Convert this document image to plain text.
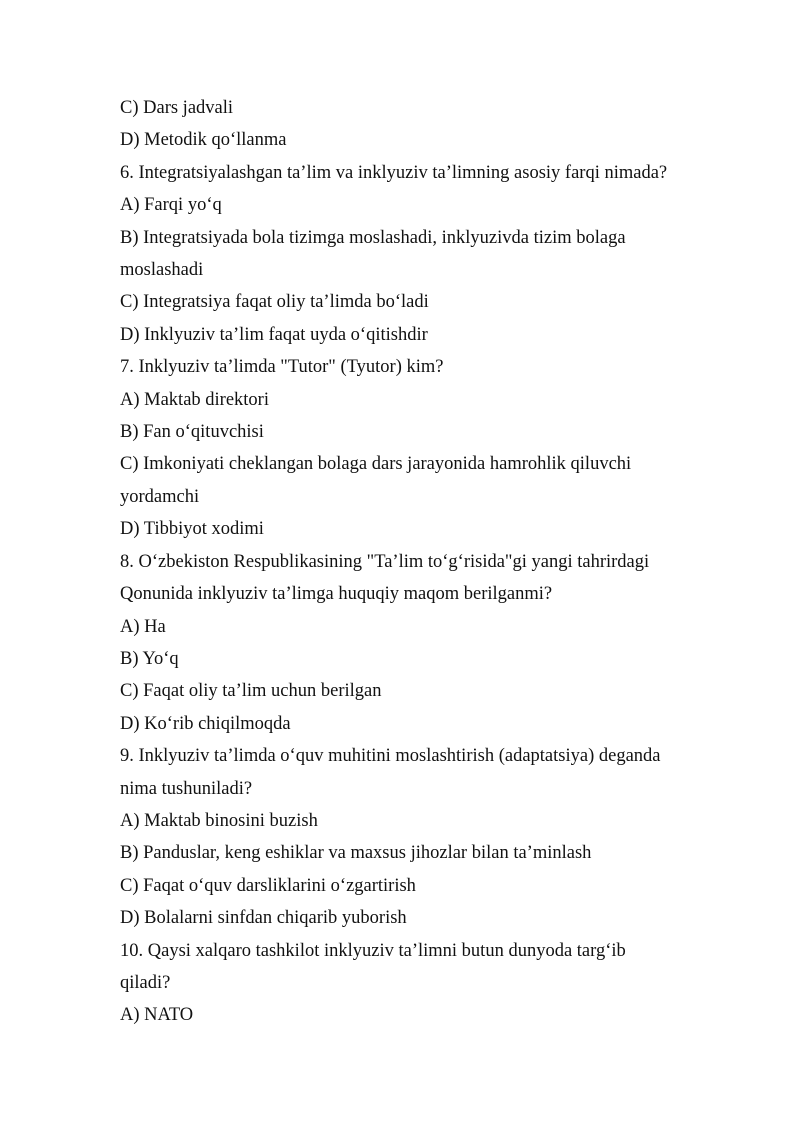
C) Dars jadvali
D) Metodik qo‘llanma
6. Integratsiyalashgan ta’lim va inklyuziv ta’limning asosiy farqi nimada?
A) Farqi yo‘q
B) Integratsiyada bola tizimga moslashadi, inklyuzivda tizim bolaga
moslashadi
C) Integratsiya faqat oliy ta’limda bo‘ladi
D) Inklyuziv ta’lim faqat uyda o‘qitishdir
7. Inklyuziv ta’limda "Tutor" (Tyutor) kim?
A) Maktab direktori
B) Fan o‘qituvchisi
C) Imkoniyati cheklangan bolaga dars jarayonida hamrohlik qiluvchi
yordamchi
D) Tibbiyot xodimi
8. O‘zbekiston Respublikasining "Ta’lim to‘g‘risida"gi yangi tahrirdagi
Qonunida inklyuziv ta’limga huquqiy maqom berilganmi?
A) Ha
B) Yo‘q
C) Faqat oliy ta’lim uchun berilgan
D) Ko‘rib chiqilmoqda
9. Inklyuziv ta’limda o‘quv muhitini moslashtirish (adaptatsiya) deganda
nima tushuniladi?
A) Maktab binosini buzish
B) Panduslar, keng eshiklar va maxsus jihozlar bilan ta’minlash
C) Faqat o‘quv darsliklarini o‘zgartirish
D) Bolalarni sinfdan chiqarib yuborish
10. Qaysi xalqaro tashkilot inklyuziv ta’limni butun dunyoda targ‘ib
qiladi?
A) NATO
